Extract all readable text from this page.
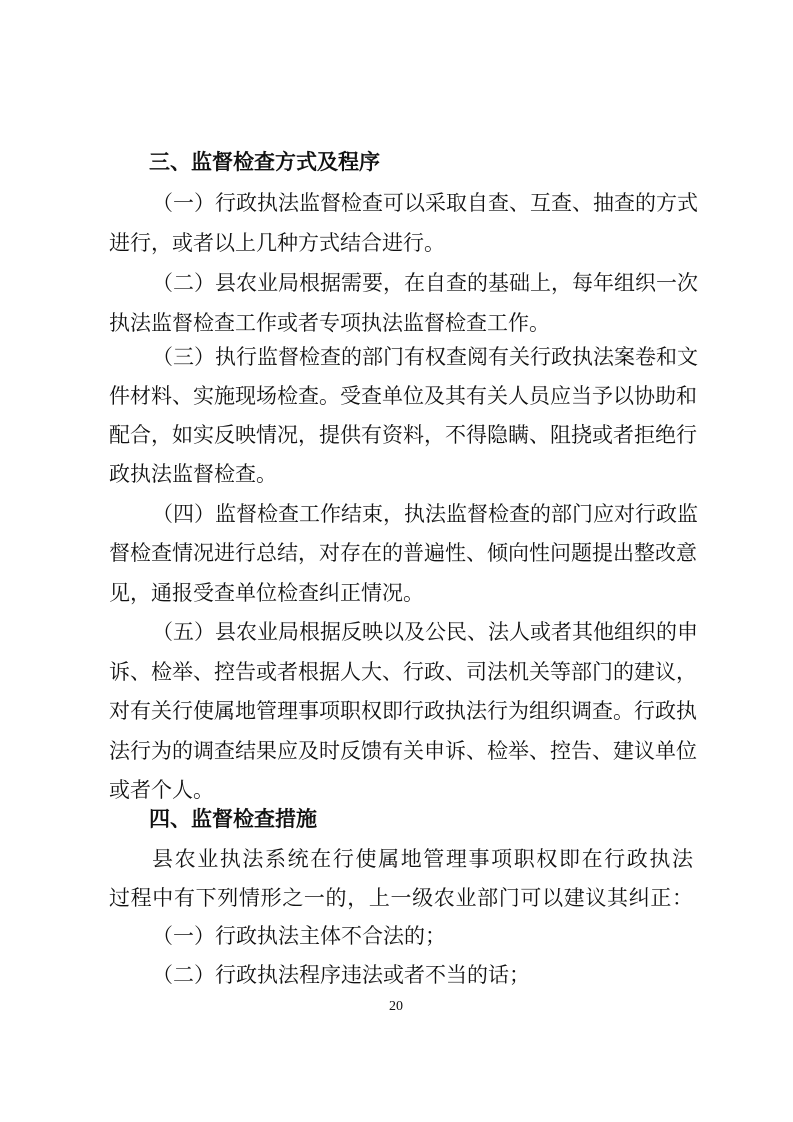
三、监督检查方式及程序
（一）行政执法监督检查可以采取自查、互查、抽查的方式
进行，或者以上几种方式结合进行。
（二）县农业局根据需要，在自查的基础上，每年组织一次
执法监督检查工作或者专项执法监督检查工作。
（三）执行监督检查的部门有权查阅有关行政执法案卷和文
件材料、实施现场检查。受查单位及其有关人员应当予以协助和
配合，如实反映情况，提供有资料，不得隐瞒、阻挠或者拒绝行
政执法监督检查。
（四）监督检查工作结束，执法监督检查的部门应对行政监
督检查情况进行总结，对存在的普遍性、倾向性问题提出整改意
见，通报受查单位检查纠正情况。
（五）县农业局根据反映以及公民、法人或者其他组织的申
诉、检举、控告或者根据人大、行政、司法机关等部门的建议，
对有关行使属地管理事项职权即行政执法行为组织调查。行政执
法行为的调查结果应及时反馈有关申诉、检举、控告、建议单位
或者个人。
四、监督检查措施
县农业执法系统在行使属地管理事项职权即在行政执法
过程中有下列情形之一的，上一级农业部门可以建议其纠正：
（一）行政执法主体不合法的；
（二）行政执法程序违法或者不当的话；
20
